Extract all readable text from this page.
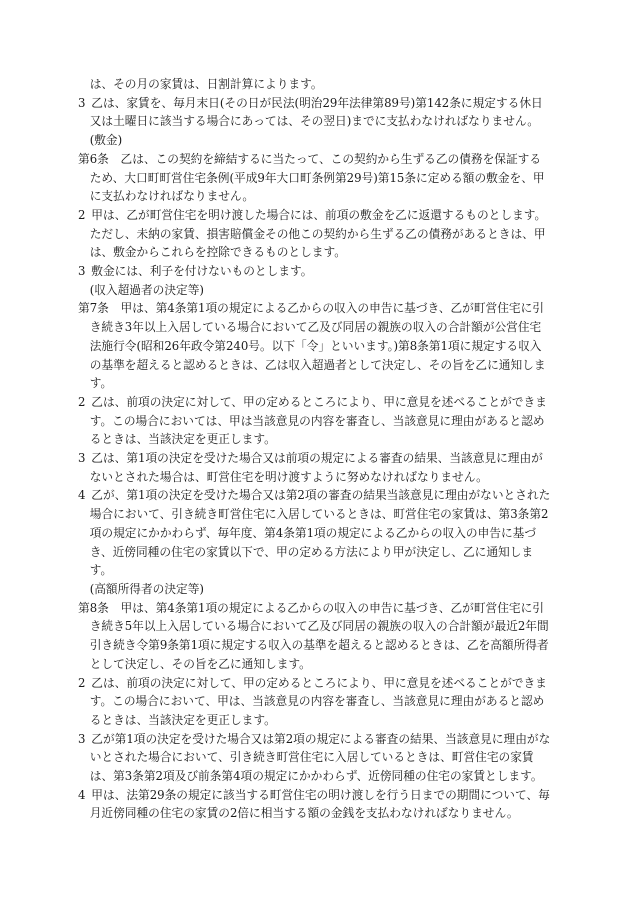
は、その月の家賃は、日割計算によります。

3 乙は、家賃を、毎月末日(その日が民法(明治29年法律第89号)第142条に規定する休日又は土曜日に該当する場合にあっては、その翌日)までに支払わなければなりません。

(敷金)

第6条 乙は、この契約を締結するに当たって、この契約から生ずる乙の債務を保証するため、大口町町営住宅条例(平成9年大口町条例第29号)第15条に定める額の敷金を、甲に支払わなければなりません。

2 甲は、乙が町営住宅を明け渡した場合には、前項の敷金を乙に返還するものとします。ただし、未納の家賃、損害賠償金その他この契約から生ずる乙の債務があるときは、甲は、敷金からこれらを控除できるものとします。

3 敷金には、利子を付けないものとします。

(収入超過者の決定等)

第7条 甲は、第4条第1項の規定による乙からの収入の申告に基づき、乙が町営住宅に引き続き3年以上入居している場合において乙及び同居の親族の収入の合計額が公営住宅法施行令(昭和26年政令第240号。以下「令」といいます。)第8条第1項に規定する収入の基準を超えると認めるときは、乙は収入超過者として決定し、その旨を乙に通知します。

2 乙は、前項の決定に対して、甲の定めるところにより、甲に意見を述べることができます。この場合においては、甲は当該意見の内容を審査し、当該意見に理由があると認めるときは、当該決定を更正します。

3 乙は、第1項の決定を受けた場合又は前項の規定による審査の結果、当該意見に理由がないとされた場合は、町営住宅を明け渡すように努めなければなりません。

4 乙が、第1項の決定を受けた場合又は第2項の審査の結果当該意見に理由がないとされた場合において、引き続き町営住宅に入居しているときは、町営住宅の家賃は、第3条第2項の規定にかかわらず、毎年度、第4条第1項の規定による乙からの収入の申告に基づき、近傍同種の住宅の家賃以下で、甲の定める方法により甲が決定し、乙に通知します。

(高額所得者の決定等)

第8条 甲は、第4条第1項の規定による乙からの収入の申告に基づき、乙が町営住宅に引き続き5年以上入居している場合において乙及び同居の親族の収入の合計額が最近2年間引き続き令第9条第1項に規定する収入の基準を超えると認めるときは、乙を高額所得者として決定し、その旨を乙に通知します。

2 乙は、前項の決定に対して、甲の定めるところにより、甲に意見を述べることができます。この場合において、甲は、当該意見の内容を審査し、当該意見に理由があると認めるときは、当該決定を更正します。

3 乙が第1項の決定を受けた場合又は第2項の規定による審査の結果、当該意見に理由がないとされた場合において、引き続き町営住宅に入居しているときは、町営住宅の家賃は、第3条第2項及び前条第4項の規定にかかわらず、近傍同種の住宅の家賃とします。

4 甲は、法第29条の規定に該当する町営住宅の明け渡しを行う日までの期間について、毎月近傍同種の住宅の家賃の2倍に相当する額の金銭を支払わなければなりません。
